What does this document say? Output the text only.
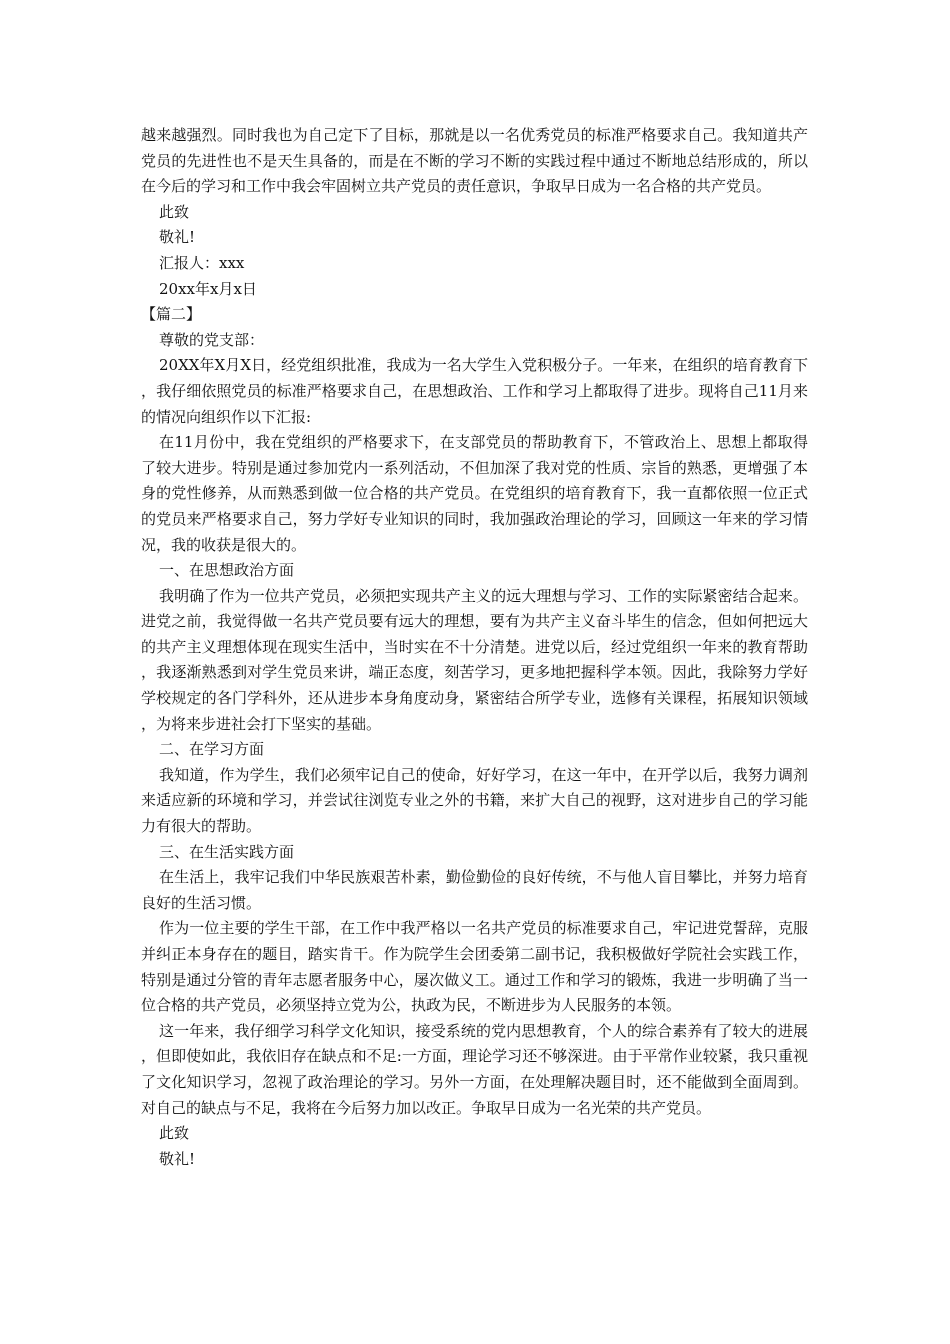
越来越强烈。同时我也为自己定下了目标，那就是以一名优秀党员的标准严格要求自己。我知道共产党员的先进性也不是天生具备的，而是在不断的学习不断的实践过程中通过不断地总结形成的，所以在今后的学习和工作中我会牢固树立共产党员的责任意识，争取早日成为一名合格的共产党员。

此致

敬礼!

汇报人：xxx

20xx年x月x日

【篇二】

尊敬的党支部：

20XX年X月X日，经党组织批准，我成为一名大学生入党积极分子。一年来，在组织的培育教育下，我仔细依照党员的标准严格要求自己，在思想政治、工作和学习上都取得了进步。现将自己11月来的情况向组织作以下汇报:

在11月份中，我在党组织的严格要求下，在支部党员的帮助教育下，不管政治上、思想上都取得了较大进步。特别是通过参加党内一系列活动，不但加深了我对党的性质、宗旨的熟悉，更增强了本身的党性修养，从而熟悉到做一位合格的共产党员。在党组织的培育教育下，我一直都依照一位正式的党员来严格要求自己，努力学好专业知识的同时，我加强政治理论的学习，回顾这一年来的学习情况，我的收获是很大的。

一、在思想政治方面

我明确了作为一位共产党员，必须把实现共产主义的远大理想与学习、工作的实际紧密结合起来。进党之前，我觉得做一名共产党员要有远大的理想，要有为共产主义奋斗毕生的信念，但如何把远大的共产主义理想体现在现实生活中，当时实在不十分清楚。进党以后，经过党组织一年来的教育帮助，我逐渐熟悉到对学生党员来讲，端正态度，刻苦学习，更多地把握科学本领。因此，我除努力学好学校规定的各门学科外，还从进步本身角度动身，紧密结合所学专业，选修有关课程，拓展知识领域，为将来步进社会打下坚实的基础。

二、在学习方面

我知道，作为学生，我们必须牢记自己的使命，好好学习，在这一年中，在开学以后，我努力调剂来适应新的环境和学习，并尝试往浏览专业之外的书籍，来扩大自己的视野，这对进步自己的学习能力有很大的帮助。

三、在生活实践方面

在生活上，我牢记我们中华民族艰苦朴素，勤俭勤俭的良好传统，不与他人盲目攀比，并努力培育良好的生活习惯。

作为一位主要的学生干部，在工作中我严格以一名共产党员的标准要求自己，牢记进党誓辞，克服并纠正本身存在的题目，踏实肯干。作为院学生会团委第二副书记，我积极做好学院社会实践工作，特别是通过分管的青年志愿者服务中心，屡次做义工。通过工作和学习的锻炼，我进一步明确了当一位合格的共产党员，必须坚持立党为公，执政为民，不断进步为人民服务的本领。

这一年来，我仔细学习科学文化知识，接受系统的党内思想教育，个人的综合素养有了较大的进展，但即使如此，我依旧存在缺点和不足:一方面，理论学习还不够深进。由于平常作业较紧，我只重视了文化知识学习，忽视了政治理论的学习。另外一方面，在处理解决题目时，还不能做到全面周到。对自己的缺点与不足，我将在今后努力加以改正。争取早日成为一名光荣的共产党员。

此致

敬礼!
